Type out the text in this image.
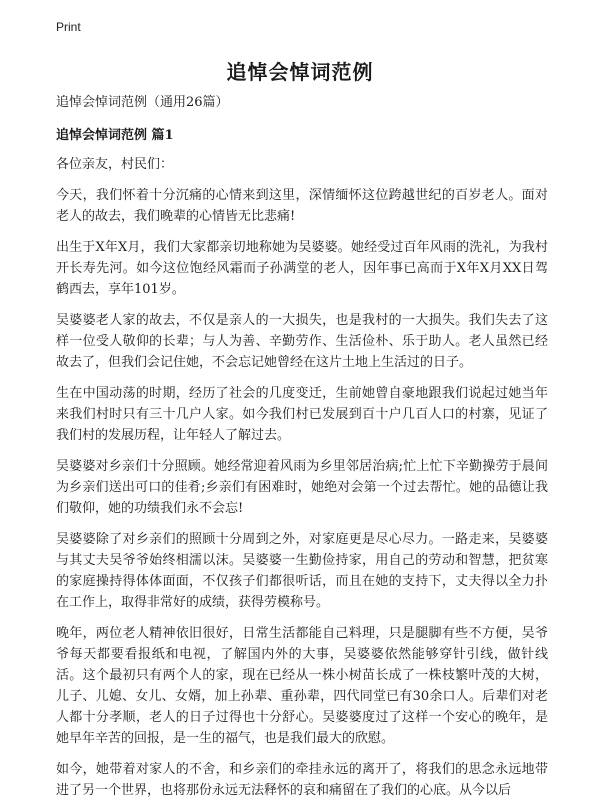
Print
追悼会悼词范例

追悼会悼词范例（通用26篇）

追悼会悼词范例 篇1

各位亲友，村民们：

今天，我们怀着十分沉痛的心情来到这里，深情缅怀这位跨越世纪的百岁老人。面对老人的故去，我们晚辈的心情皆无比悲痛!

出生于X年X月，我们大家都亲切地称她为吴婆婆。她经受过百年风雨的洗礼，为我村开长寿先河。如今这位饱经风霜而子孙满堂的老人，因年事已高而于X年X月XX日驾鹤西去，享年101岁。

吴婆婆老人家的故去，不仅是亲人的一大损失，也是我村的一大损失。我们失去了这样一位受人敬仰的长辈；与人为善、辛勤劳作、生活俭朴、乐于助人。老人虽然已经故去了，但我们会记住她，不会忘记她曾经在这片土地上生活过的日子。

生在中国动荡的时期，经历了社会的几度变迁，生前她曾自豪地跟我们说起过她当年来我们村时只有三十几户人家。如今我们村已发展到百十户几百人口的村寨，见证了我们村的发展历程，让年轻人了解过去。

吴婆婆对乡亲们十分照顾。她经常迎着风雨为乡里邻居治病;忙上忙下辛勤操劳于晨间为乡亲们送出可口的佳肴;乡亲们有困难时，她绝对会第一个过去帮忙。她的品德让我们敬仰，她的功绩我们永不会忘!

吴婆婆除了对乡亲们的照顾十分周到之外，对家庭更是尽心尽力。一路走来，吴婆婆与其丈夫吴爷爷始终相濡以沫。吴婆婆一生勤俭持家，用自己的劳动和智慧，把贫寒的家庭操持得体体面面，不仅孩子们都很听话，而且在她的支持下，丈夫得以全力扑在工作上，取得非常好的成绩，获得劳模称号。

晚年，两位老人精神依旧很好，日常生活都能自己料理，只是腿脚有些不方便，吴爷爷每天都要看报纸和电视，了解国内外的大事，吴婆婆依然能够穿针引线，做针线活。这个最初只有两个人的家，现在已经从一株小树苗长成了一株枝繁叶茂的大树，儿子、儿媳、女儿、女婿，加上孙辈、重孙辈，四代同堂已有30余口人。后辈们对老人都十分孝顺，老人的日子过得也十分舒心。吴婆婆度过了这样一个安心的晚年，是她早年辛苦的回报，是一生的福气，也是我们最大的欣慰。

如今，她带着对家人的不舍，和乡亲们的牵挂永远的离开了，将我们的思念永远地带进了另一个世界，也将那份永远无法释怀的哀和痛留在了我们的心底。从今以后
